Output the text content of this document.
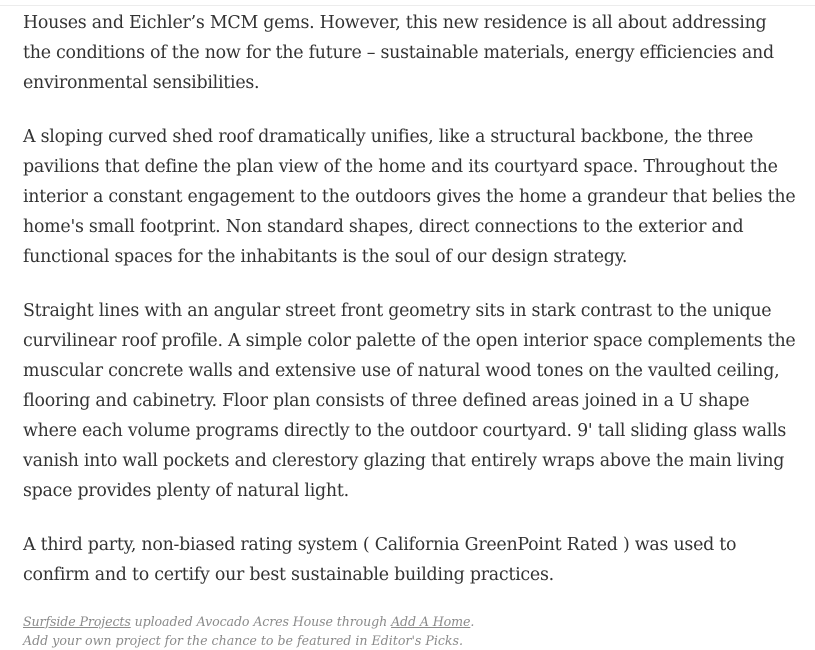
Houses and Eichler’s MCM gems. However, this new residence is all about addressing the conditions of the now for the future – sustainable materials, energy efficiencies and environmental sensibilities.

A sloping curved shed roof dramatically unifies, like a structural backbone, the three pavilions that define the plan view of the home and its courtyard space. Throughout the interior a constant engagement to the outdoors gives the home a grandeur that belies the home's small footprint. Non standard shapes, direct connections to the exterior and functional spaces for the inhabitants is the soul of our design strategy.

Straight lines with an angular street front geometry sits in stark contrast to the unique curvilinear roof profile. A simple color palette of the open interior space complements the muscular concrete walls and extensive use of natural wood tones on the vaulted ceiling, flooring and cabinetry. Floor plan consists of three defined areas joined in a U shape where each volume programs directly to the outdoor courtyard. 9' tall sliding glass walls vanish into wall pockets and clerestory glazing that entirely wraps above the main living space provides plenty of natural light.

A third party, non-biased rating system ( California GreenPoint Rated ) was used to confirm and to certify our best sustainable building practices.

Surfside Projects uploaded Avocado Acres House through Add A Home.

Add your own project for the chance to be featured in Editor's Picks.
